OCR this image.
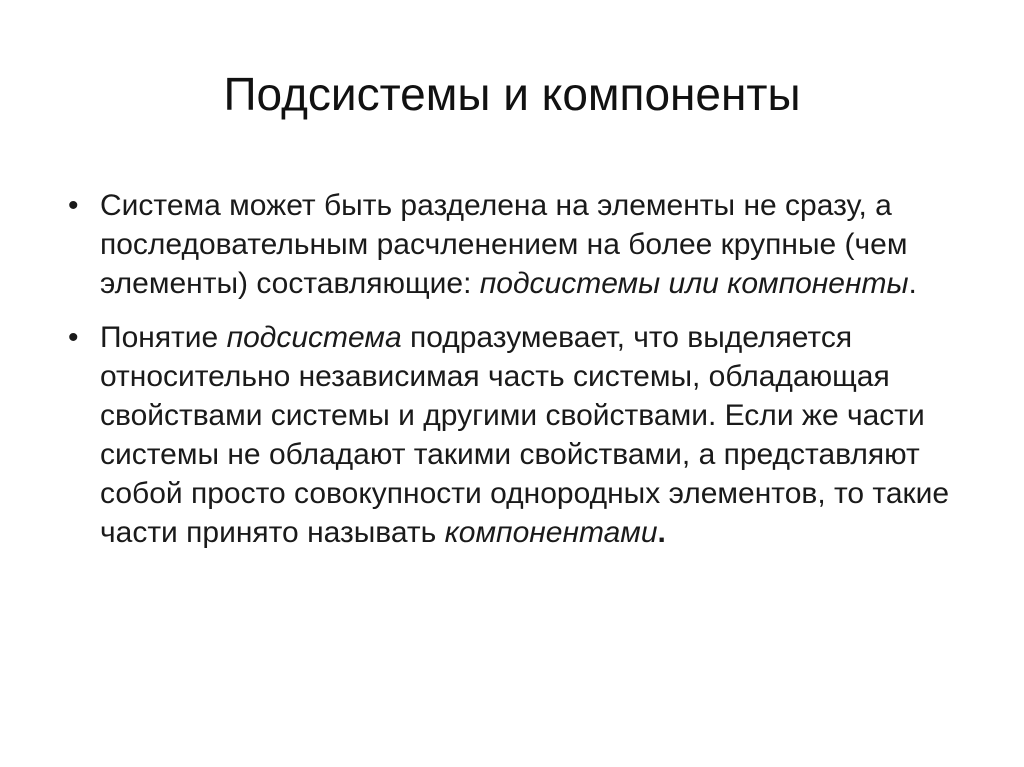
Подсистемы и компоненты
• Система может быть разделена на элементы не сразу, а последовательным расчленением на более крупные (чем элементы) составляющие: подсистемы или компоненты.
• Понятие подсистема подразумевает, что выделяется относительно независимая часть системы, обладающая свойствами системы и другими свойствами. Если же части системы не обладают такими свойствами, а представляют собой просто совокупности однородных элементов, то такие части принято называть компонентами.
